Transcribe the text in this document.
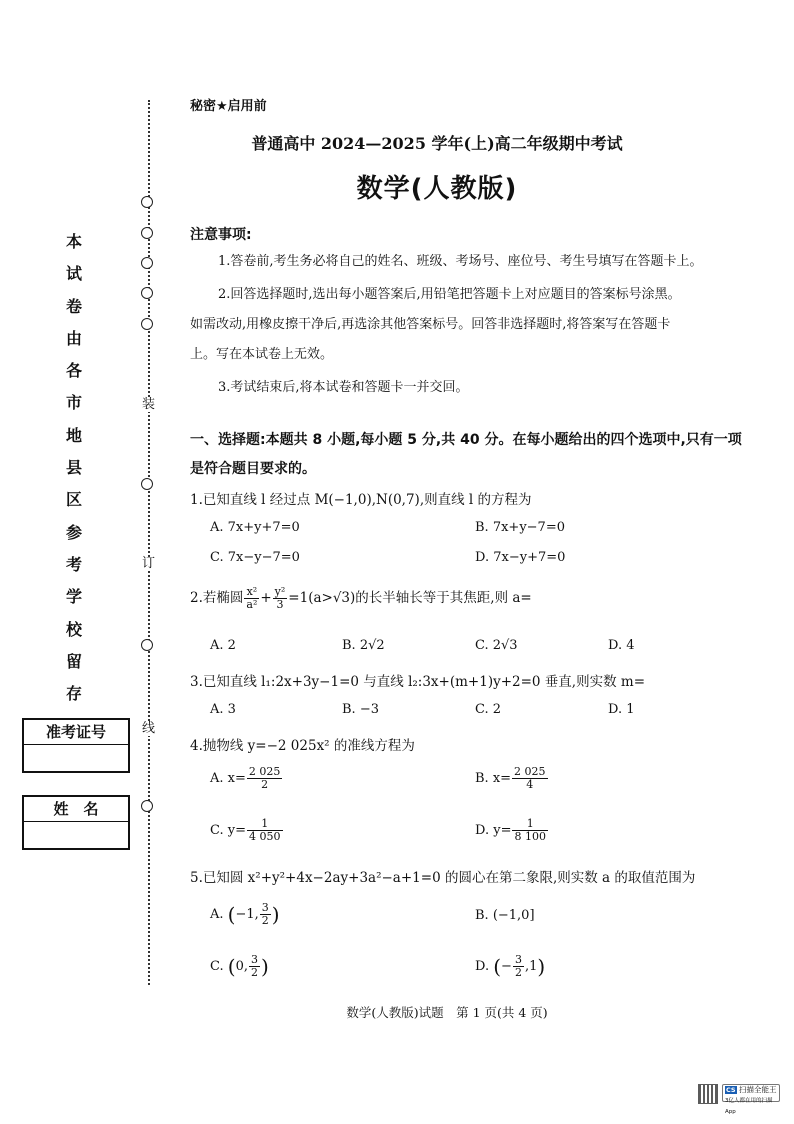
装
订
线
本
试
卷
由
各
市
地
县
区
参
考
学
校
留
存
准考证号
姓　名
秘密★启用前
普通高中 2024—2025 学年(上)高二年级期中考试
数学(人教版)
注意事项:
1.答卷前,考生务必将自己的姓名、班级、考场号、座位号、考生号填写在答题卡上。
2.回答选择题时,选出每小题答案后,用铅笔把答题卡上对应题目的答案标号涂黑。
如需改动,用橡皮擦干净后,再选涂其他答案标号。回答非选择题时,将答案写在答题卡
上。写在本试卷上无效。
3.考试结束后,将本试卷和答题卡一并交回。
一、选择题:本题共 8 小题,每小题 5 分,共 40 分。在每小题给出的四个选项中,只有一项
是符合题目要求的。
1.已知直线 l 经过点 M(−1,0),N(0,7),则直线 l 的方程为
A. 7x+y+7=0	B. 7x+y−7=0
C. 7x−y−7=0	D. 7x−y+7=0
2.若椭圆 $\frac{\text{x²}}{\text{a²}} + \frac{\text{y²}}{3} =1(a>√3)$的长半轴长等于其焦距,则 a=
A. 2	B. 2√2	C. 2√3	D. 4
3.已知直线 l₁:2x+3y−1=0 与直线 l₂:3x+(m+1)y+2=0 垂直,则实数 m=
A. 3	B. −3	C. 2	D. 1
4.抛物线 y=−2 025x² 的准线方程为
A. $x= \frac{2 025}{2}$	B. $x= \frac{2 025}{4}$
C. $y= \frac{1}{4 050}$	D. $y= \frac{1}{8 100}$
5.已知圆 x²+y²+4x−2ay+3a²−a+1=0 的圆心在第二象限,则实数 a 的取值范围为
A. (−1, $\frac{3}{2}$ )	B. (−1,0]
C. (0, $\frac{3}{2}$ )	D. (− $\frac{3}{2} ,1$)
数学(人教版)试题　第 1 页(共 4 页)
CS 扫描全能王
3亿人都在用的扫描App
